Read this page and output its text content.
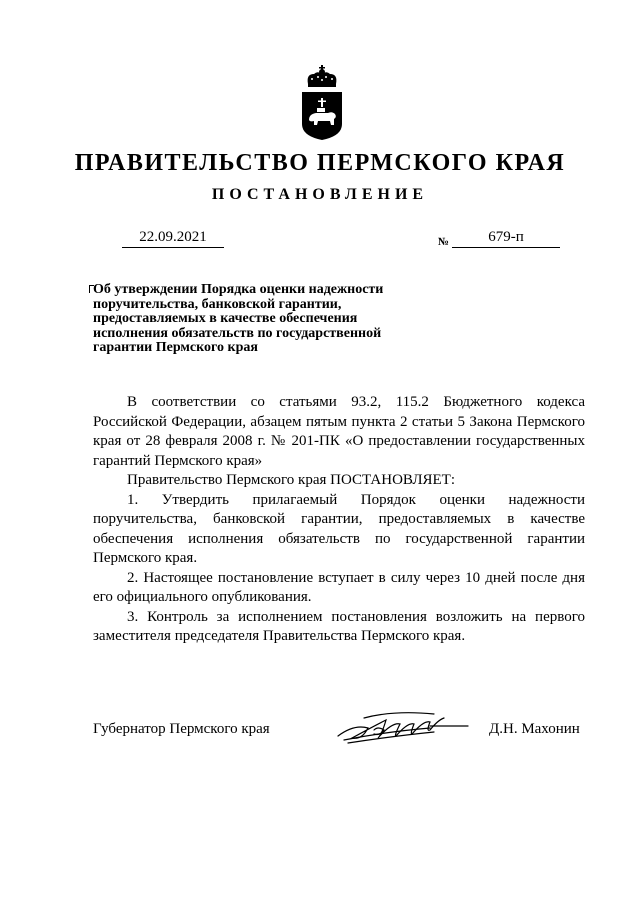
ПРАВИТЕЛЬСТВО ПЕРМСКОГО КРАЯ
ПОСТАНОВЛЕНИЕ
22.09.2021	№	679-п
Об утверждении Порядка оценки надежности
поручительства, банковской гарантии,
предоставляемых в качестве обеспечения
исполнения обязательств по государственной
гарантии Пермского края

В соответствии со статьями 93.2, 115.2 Бюджетного кодекса Российской Федерации, абзацем пятым пункта 2 статьи 5 Закона Пермского края от 28 февраля 2008 г. № 201-ПК «О предоставлении государственных гарантий Пермского края»

Правительство Пермского края ПОСТАНОВЛЯЕТ:

1. Утвердить прилагаемый Порядок оценки надежности поручительства, банковской гарантии, предоставляемых в качестве обеспечения исполнения обязательств по государственной гарантии Пермского края.

2. Настоящее постановление вступает в силу через 10 дней после дня его официального опубликования.

3. Контроль за исполнением постановления возложить на первого заместителя председателя Правительства Пермского края.

Губернатор Пермского края	Д.Н. Махонин
